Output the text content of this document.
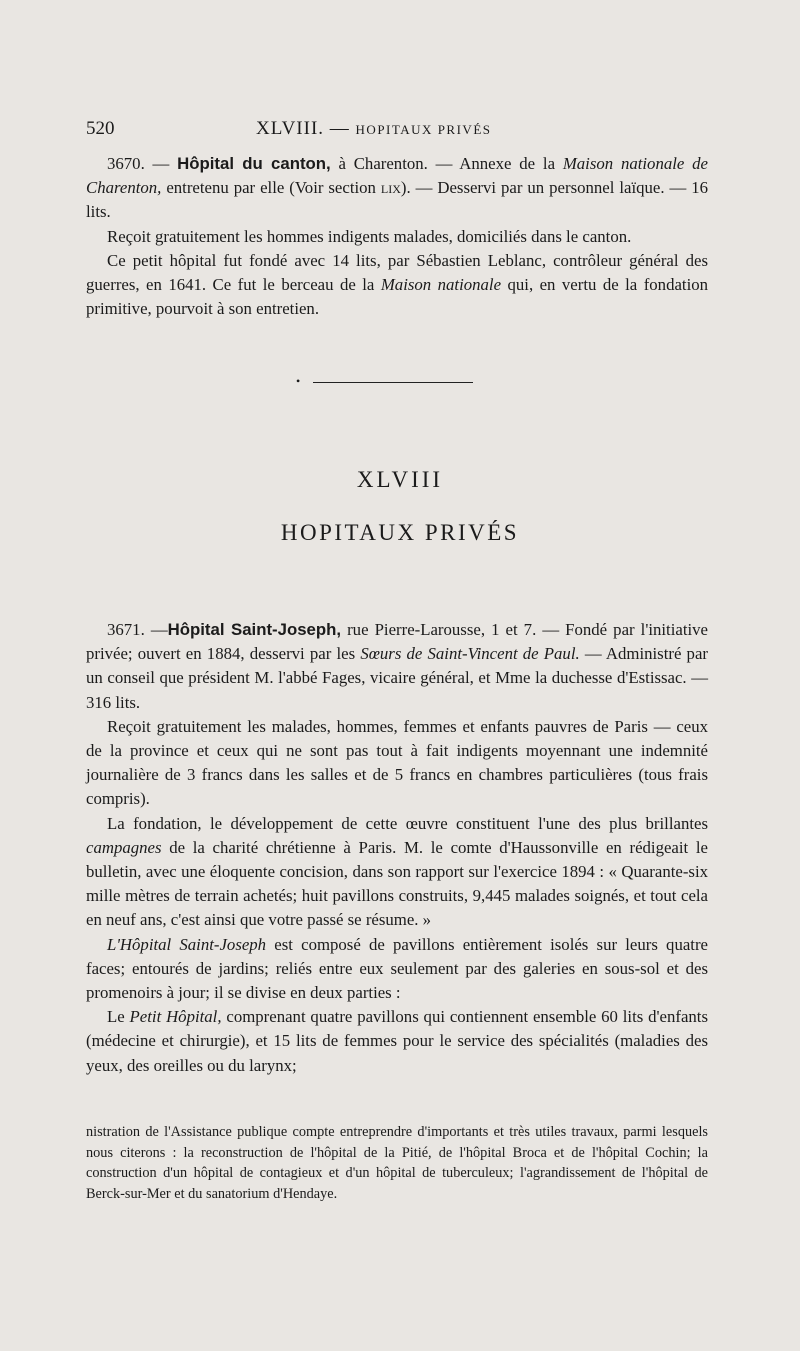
520	XLVIII. — HOPITAUX PRIVÉS

3670. — Hôpital du canton, à Charenton. — Annexe de la Maison nationale de Charenton, entretenu par elle (Voir section lix). — Desservi par un personnel laïque. — 16 lits.

Reçoit gratuitement les hommes indigents malades, domiciliés dans le canton.

Ce petit hôpital fut fondé avec 14 lits, par Sébastien Leblanc, contrôleur général des guerres, en 1641. Ce fut le berceau de la Maison nationale qui, en vertu de la fondation primitive, pourvoit à son entretien.

•
XLVIII
HOPITAUX PRIVÉS

3671. —Hôpital Saint-Joseph, rue Pierre-Larousse, 1 et 7. — Fondé par l'initiative privée; ouvert en 1884, desservi par les Sœurs de Saint-Vincent de Paul. — Administré par un conseil que président M. l'abbé Fages, vicaire général, et Mme la duchesse d'Estissac. — 316 lits.

Reçoit gratuitement les malades, hommes, femmes et enfants pauvres de Paris — ceux de la province et ceux qui ne sont pas tout à fait indigents moyennant une indemnité journalière de 3 francs dans les salles et de 5 francs en chambres particulières (tous frais compris).

La fondation, le développement de cette œuvre constituent l'une des plus brillantes campagnes de la charité chrétienne à Paris. M. le comte d'Haussonville en rédigeait le bulletin, avec une éloquente concision, dans son rapport sur l'exercice 1894 : « Quarante-six mille mètres de terrain achetés; huit pavillons construits, 9,445 malades soignés, et tout cela en neuf ans, c'est ainsi que votre passé se résume. »

L'Hôpital Saint-Joseph est composé de pavillons entièrement isolés sur leurs quatre faces; entourés de jardins; reliés entre eux seulement par des galeries en sous-sol et des promenoirs à jour; il se divise en deux parties :

Le Petit Hôpital, comprenant quatre pavillons qui contiennent ensemble 60 lits d'enfants (médecine et chirurgie), et 15 lits de femmes pour le service des spécialités (maladies des yeux, des oreilles ou du larynx;

nistration de l'Assistance publique compte entreprendre d'importants et très utiles travaux, parmi lesquels nous citerons : la reconstruction de l'hôpital de la Pitié, de l'hôpital Broca et de l'hôpital Cochin; la construction d'un hôpital de contagieux et d'un hôpital de tuberculeux; l'agrandissement de l'hôpital de Berck-sur-Mer et du sanatorium d'Hendaye.
